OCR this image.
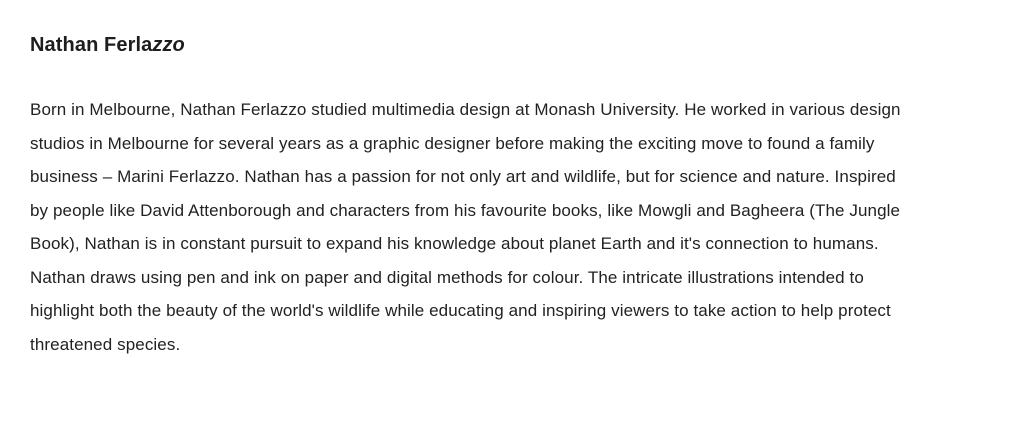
Nathan Ferlazzo
Born in Melbourne, Nathan Ferlazzo studied multimedia design at Monash University. He worked in various design
studios in Melbourne for several years as a graphic designer before making the exciting move to found a family
business – Marini Ferlazzo. Nathan has a passion for not only art and wildlife, but for science and nature. Inspired
by people like David Attenborough and characters from his favourite books, like Mowgli and Bagheera (The Jungle
Book), Nathan is in constant pursuit to expand his knowledge about planet Earth and it's connection to humans.
Nathan draws using pen and ink on paper and digital methods for colour. The intricate illustrations intended to
highlight both the beauty of the world's wildlife while educating and inspiring viewers to take action to help protect
threatened species.
